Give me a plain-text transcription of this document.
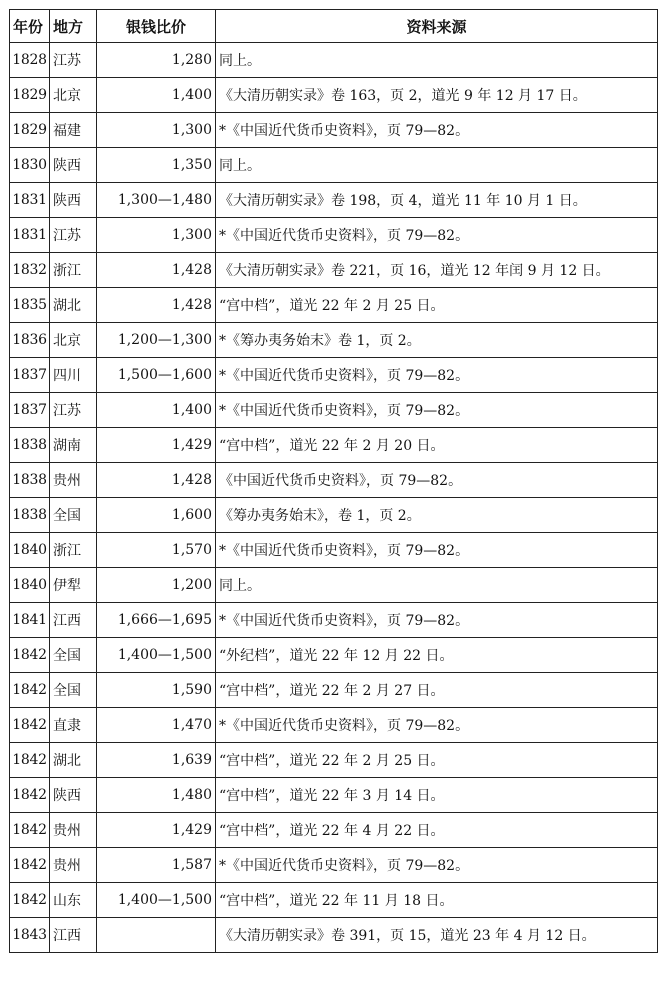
年份	地方	银钱比价	资料来源
1828	江苏	1,280	同上。
1829	北京	1,400	《大清历朝实录》卷 163，页 2，道光 9 年 12 月 17 日。
1829	福建	1,300	*《中国近代货币史资料》，页 79—82。
1830	陕西	1,350	同上。
1831	陕西	1,300—1,480	《大清历朝实录》卷 198，页 4，道光 11 年 10 月 1 日。
1831	江苏	1,300	*《中国近代货币史资料》，页 79—82。
1832	浙江	1,428	《大清历朝实录》卷 221，页 16，道光 12 年闰 9 月 12 日。
1835	湖北	1,428	“宫中档”，道光 22 年 2 月 25 日。
1836	北京	1,200—1,300	*《筹办夷务始末》卷 1，页 2。
1837	四川	1,500—1,600	*《中国近代货币史资料》，页 79—82。
1837	江苏	1,400	*《中国近代货币史资料》，页 79—82。
1838	湖南	1,429	“宫中档”，道光 22 年 2 月 20 日。
1838	贵州	1,428	《中国近代货币史资料》，页 79—82。
1838	全国	1,600	《筹办夷务始末》，卷 1，页 2。
1840	浙江	1,570	*《中国近代货币史资料》，页 79—82。
1840	伊犁	1,200	同上。
1841	江西	1,666—1,695	*《中国近代货币史资料》，页 79—82。
1842	全国	1,400—1,500	“外纪档”，道光 22 年 12 月 22 日。
1842	全国	1,590	“宫中档”，道光 22 年 2 月 27 日。
1842	直隶	1,470	*《中国近代货币史资料》，页 79—82。
1842	湖北	1,639	“宫中档”，道光 22 年 2 月 25 日。
1842	陕西	1,480	“宫中档”，道光 22 年 3 月 14 日。
1842	贵州	1,429	“宫中档”，道光 22 年 4 月 22 日。
1842	贵州	1,587	*《中国近代货币史资料》，页 79—82。
1842	山东	1,400—1,500	“宫中档”，道光 22 年 11 月 18 日。
1843	江西		《大清历朝实录》卷 391，页 15，道光 23 年 4 月 12 日。
